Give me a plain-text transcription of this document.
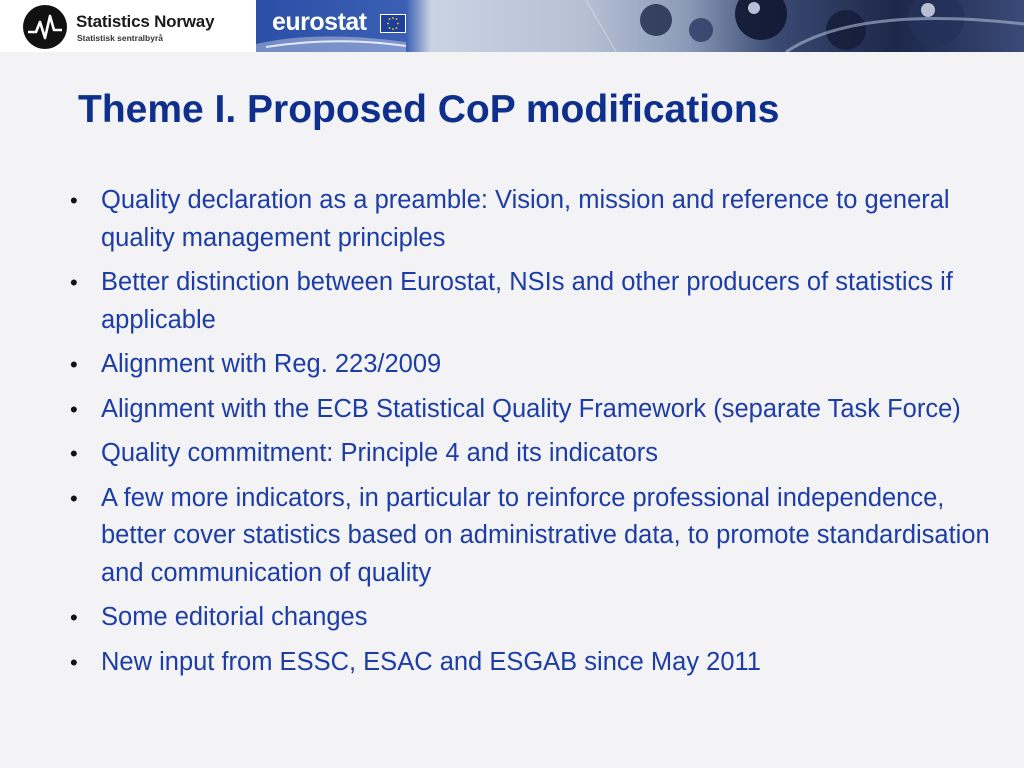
Statistics Norway
Statistisk sentralbyrå
eurostat
Theme I. Proposed CoP modifications
• Quality declaration as a preamble: Vision, mission and reference to general quality management principles
• Better distinction between Eurostat, NSIs and other producers of statistics if applicable
• Alignment with Reg. 223/2009
• Alignment with the ECB Statistical Quality Framework (separate Task Force)
• Quality commitment: Principle 4 and its indicators
• A few more indicators, in particular to reinforce professional independence, better cover statistics based on administrative data, to promote standardisation and communication of quality
• Some editorial changes
• New input from ESSC, ESAC and ESGAB since May 2011
